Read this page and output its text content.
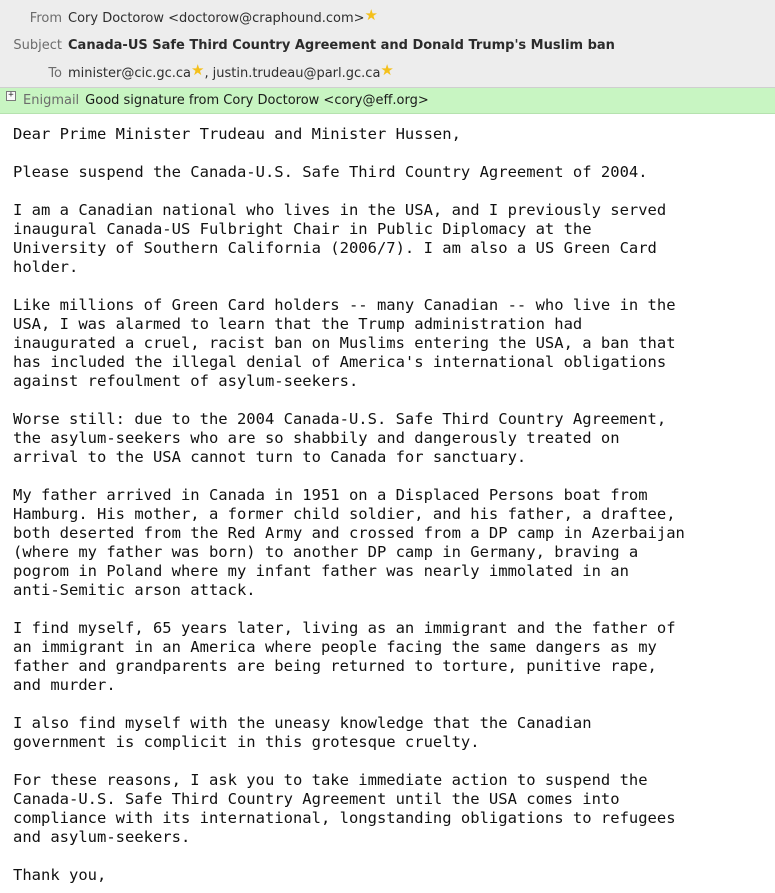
From Cory Doctorow <doctorow@craphound.com> ★
Subject Canada-US Safe Third Country Agreement and Donald Trump's Muslim ban
To minister@cic.gc.ca ★ , justin.trudeau@parl.gc.ca ★
+ Enigmail Good signature from Cory Doctorow <cory@eff.org>

Dear Prime Minister Trudeau and Minister Hussen,

Please suspend the Canada-U.S. Safe Third Country Agreement of 2004.

I am a Canadian national who lives in the USA, and I previously served
inaugural Canada-US Fulbright Chair in Public Diplomacy at the
University of Southern California (2006/7). I am also a US Green Card
holder.

Like millions of Green Card holders -- many Canadian -- who live in the
USA, I was alarmed to learn that the Trump administration had
inaugurated a cruel, racist ban on Muslims entering the USA, a ban that
has included the illegal denial of America's international obligations
against refoulment of asylum-seekers.

Worse still: due to the 2004 Canada-U.S. Safe Third Country Agreement,
the asylum-seekers who are so shabbily and dangerously treated on
arrival to the USA cannot turn to Canada for sanctuary.

My father arrived in Canada in 1951 on a Displaced Persons boat from
Hamburg. His mother, a former child soldier, and his father, a draftee,
both deserted from the Red Army and crossed from a DP camp in Azerbaijan
(where my father was born) to another DP camp in Germany, braving a
pogrom in Poland where my infant father was nearly immolated in an
anti-Semitic arson attack.

I find myself, 65 years later, living as an immigrant and the father of
an immigrant in an America where people facing the same dangers as my
father and grandparents are being returned to torture, punitive rape,
and murder.

I also find myself with the uneasy knowledge that the Canadian
government is complicit in this grotesque cruelty.

For these reasons, I ask you to take immediate action to suspend the
Canada-U.S. Safe Third Country Agreement until the USA comes into
compliance with its international, longstanding obligations to refugees
and asylum-seekers.

Thank you,
